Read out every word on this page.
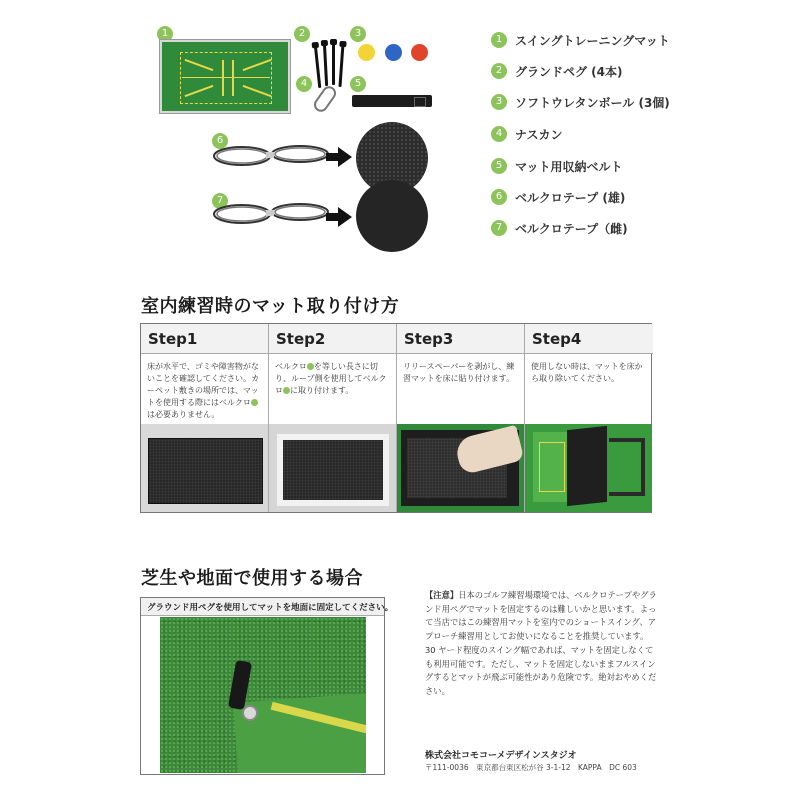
1	2	3
4	5
6
7
1	スイングトレーニングマット
2	グランドペグ (4本)
3	ソフトウレタンボール (3個)
4	ナスカン
5	マット用収納ベルト
6	ベルクロテープ (雄)
7	ベルクロテープ（雌)
室内練習時のマット取り付け方
Step1
床が水平で、ゴミや障害物がないことを確認してください。カーペット敷きの場所では、マットを使用する際にはベルクロは必要ありません。
Step2
ベルクロ を等しい長さに切り、ループ側を使用してベルクロ に取り付けます。
Step3
リリースペーパーを剥がし、練習マットを床に貼り付けます。
Step4
使用しない時は、マットを床から取り除いてください。
芝生や地面で使用する場合
グラウンド用ペグを使用してマットを地面に固定してください。
【注意】日本のゴルフ練習場環境では、ベルクロテープやグランド用ペグでマットを固定するのは難しいかと思います。よって当店ではこの練習用マットを室内でのショートスイング、アプローチ練習用としてお使いになることを推奨しています。30 ヤード程度のスイング幅であれば、マットを固定しなくても利用可能です。ただし、マットを固定しないままフルスイングするとマットが飛ぶ可能性があり危険です。絶対おやめください。
株式会社コモコーメデザインスタジオ
〒111-0036　東京都台東区松が谷 3-1-12　KAPPA　DC 603
